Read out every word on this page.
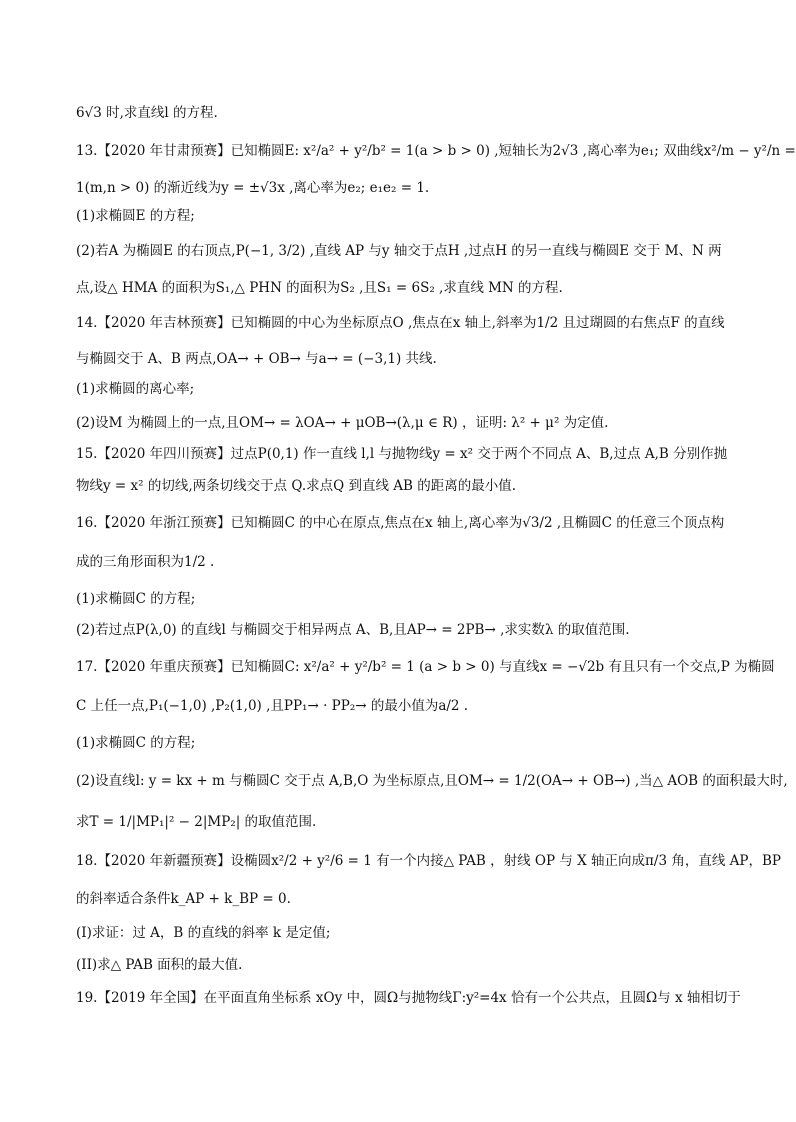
6√3 时,求直线l 的方程.
13.【2020 年甘肃预赛】已知椭圆E: x²/a² + y²/b² = 1(a > b > 0) ,短轴长为2√3 ,离心率为e₁; 双曲线x²/m − y²/n =
1(m,n > 0) 的渐近线为y = ±√3x ,离心率为e₂; e₁e₂ = 1.
(1)求椭圆E 的方程;
(2)若A 为椭圆E 的右顶点,P(−1, 3/2) ,直线 AP 与y 轴交于点H ,过点H 的另一直线与椭圆E 交于 M、N 两
点,设△ HMA 的面积为S₁,△ PHN 的面积为S₂ ,且S₁ = 6S₂ ,求直线 MN 的方程.
14.【2020 年吉林预赛】已知椭圆的中心为坐标原点O ,焦点在x 轴上,斜率为1/2 且过瑚圆的右焦点F 的直线
与椭圆交于 A、B 两点,OA→ + OB→ 与a→ = (−3,1) 共线.
(1)求椭圆的离心率;
(2)设M 为椭圆上的一点,且OM→ = λOA→ + μOB→(λ,μ ∈ R) ，证明: λ² + μ² 为定值.
15.【2020 年四川预赛】过点P(0,1) 作一直线 l,l 与抛物线y = x² 交于两个不同点 A、B,过点 A,B 分别作抛
物线y = x² 的切线,两条切线交于点 Q.求点Q 到直线 AB 的距离的最小值.
16.【2020 年浙江预赛】已知椭圆C 的中心在原点,焦点在x 轴上,离心率为√3/2 ,且椭圆C 的任意三个顶点构
成的三角形面积为1/2 .
(1)求椭圆C 的方程;
(2)若过点P(λ,0) 的直线l 与椭圆交于相异两点 A、B,且AP→ = 2PB→ ,求实数λ 的取值范围.
17.【2020 年重庆预赛】已知椭圆C: x²/a² + y²/b² = 1 (a > b > 0) 与直线x = −√2b 有且只有一个交点,P 为椭圆
C 上任一点,P₁(−1,0) ,P₂(1,0) ,且PP₁→ · PP₂→ 的最小值为a/2 .
(1)求椭圆C 的方程;
(2)设直线l: y = kx + m 与椭圆C 交于点 A,B,O 为坐标原点,且OM→ = 1/2(OA→ + OB→) ,当△ AOB 的面积最大时,
求T = 1/|MP₁|² − 2|MP₂| 的取值范围.
18.【2020 年新疆预赛】设椭圆x²/2 + y²/6 = 1 有一个内接△ PAB ，射线 OP 与 X 轴正向成π/3 角，直线 AP，BP
的斜率适合条件k_AP + k_BP = 0.
(I)求证：过 A，B 的直线的斜率 k 是定值;
(II)求△ PAB 面积的最大值.
19.【2019 年全国】在平面直角坐标系 xOy 中，圆Ω与抛物线Γ:y²=4x 恰有一个公共点，且圆Ω与 x 轴相切于
